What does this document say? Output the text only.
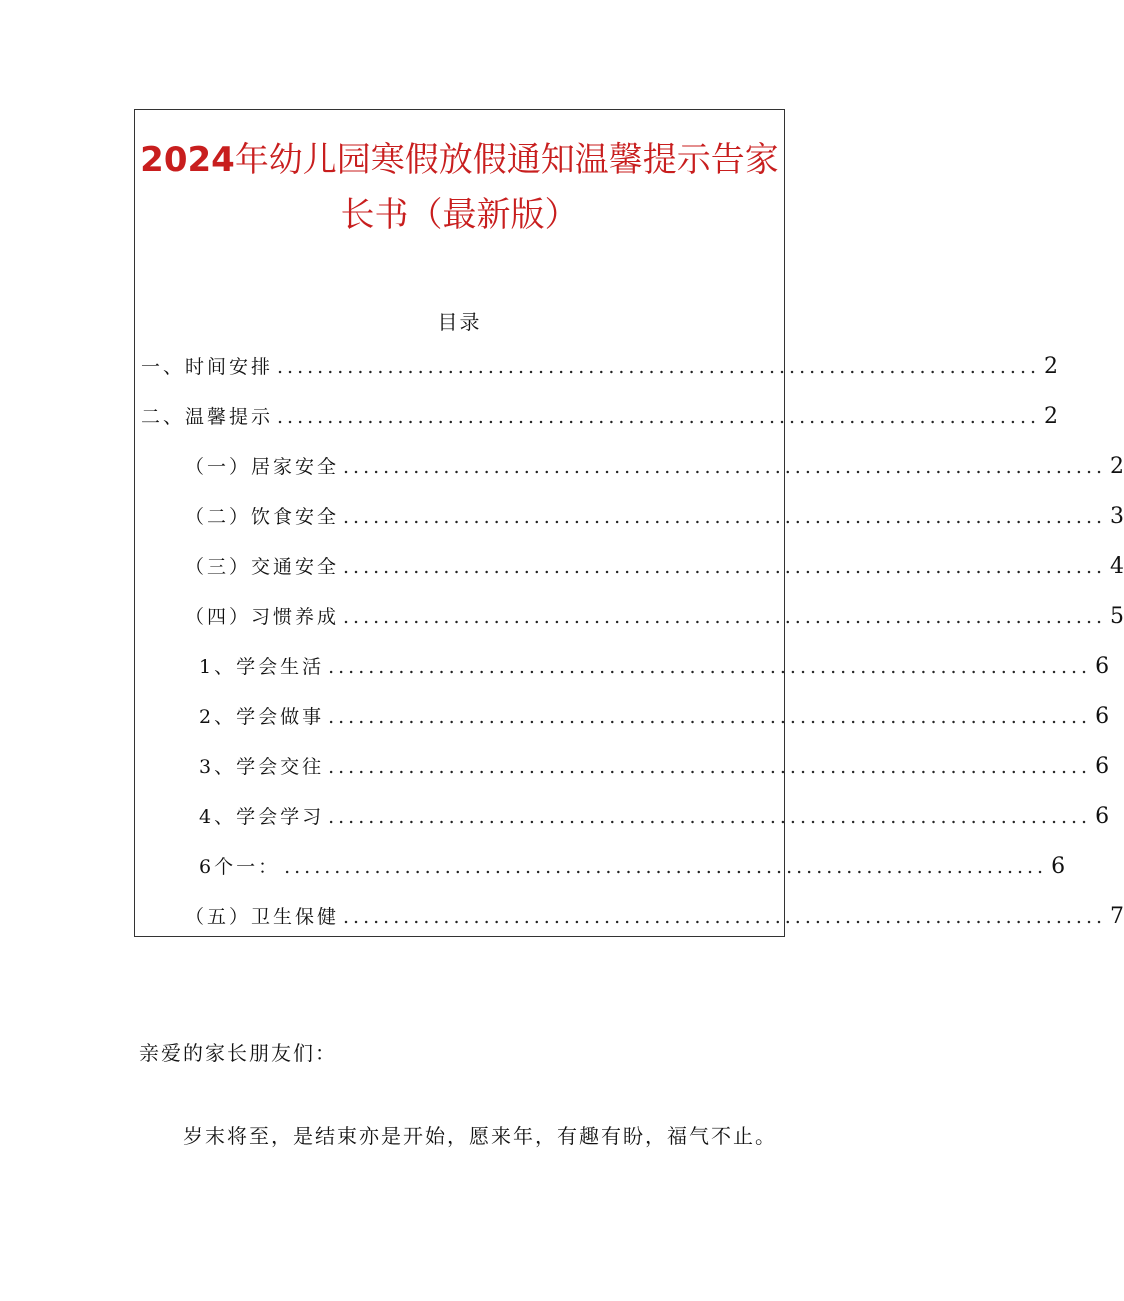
2024年幼儿园寒假放假通知温馨提示告家
长书（最新版）
目录
一、时间安排 ............................................................................ 2
二、温馨提示 ............................................................................ 2
（一）居家安全 ............................................................................ 2
（二）饮食安全 ............................................................................ 3
（三）交通安全 ............................................................................ 4
（四）习惯养成 ............................................................................ 5
1、学会生活 ............................................................................ 6
2、学会做事 ............................................................................ 6
3、学会交往 ............................................................................ 6
4、学会学习 ............................................................................ 6
6个一： ............................................................................ 6
（五）卫生保健 ............................................................................ 7
亲爱的家长朋友们：
岁末将至，是结束亦是开始，愿来年，有趣有盼，福气不止。
